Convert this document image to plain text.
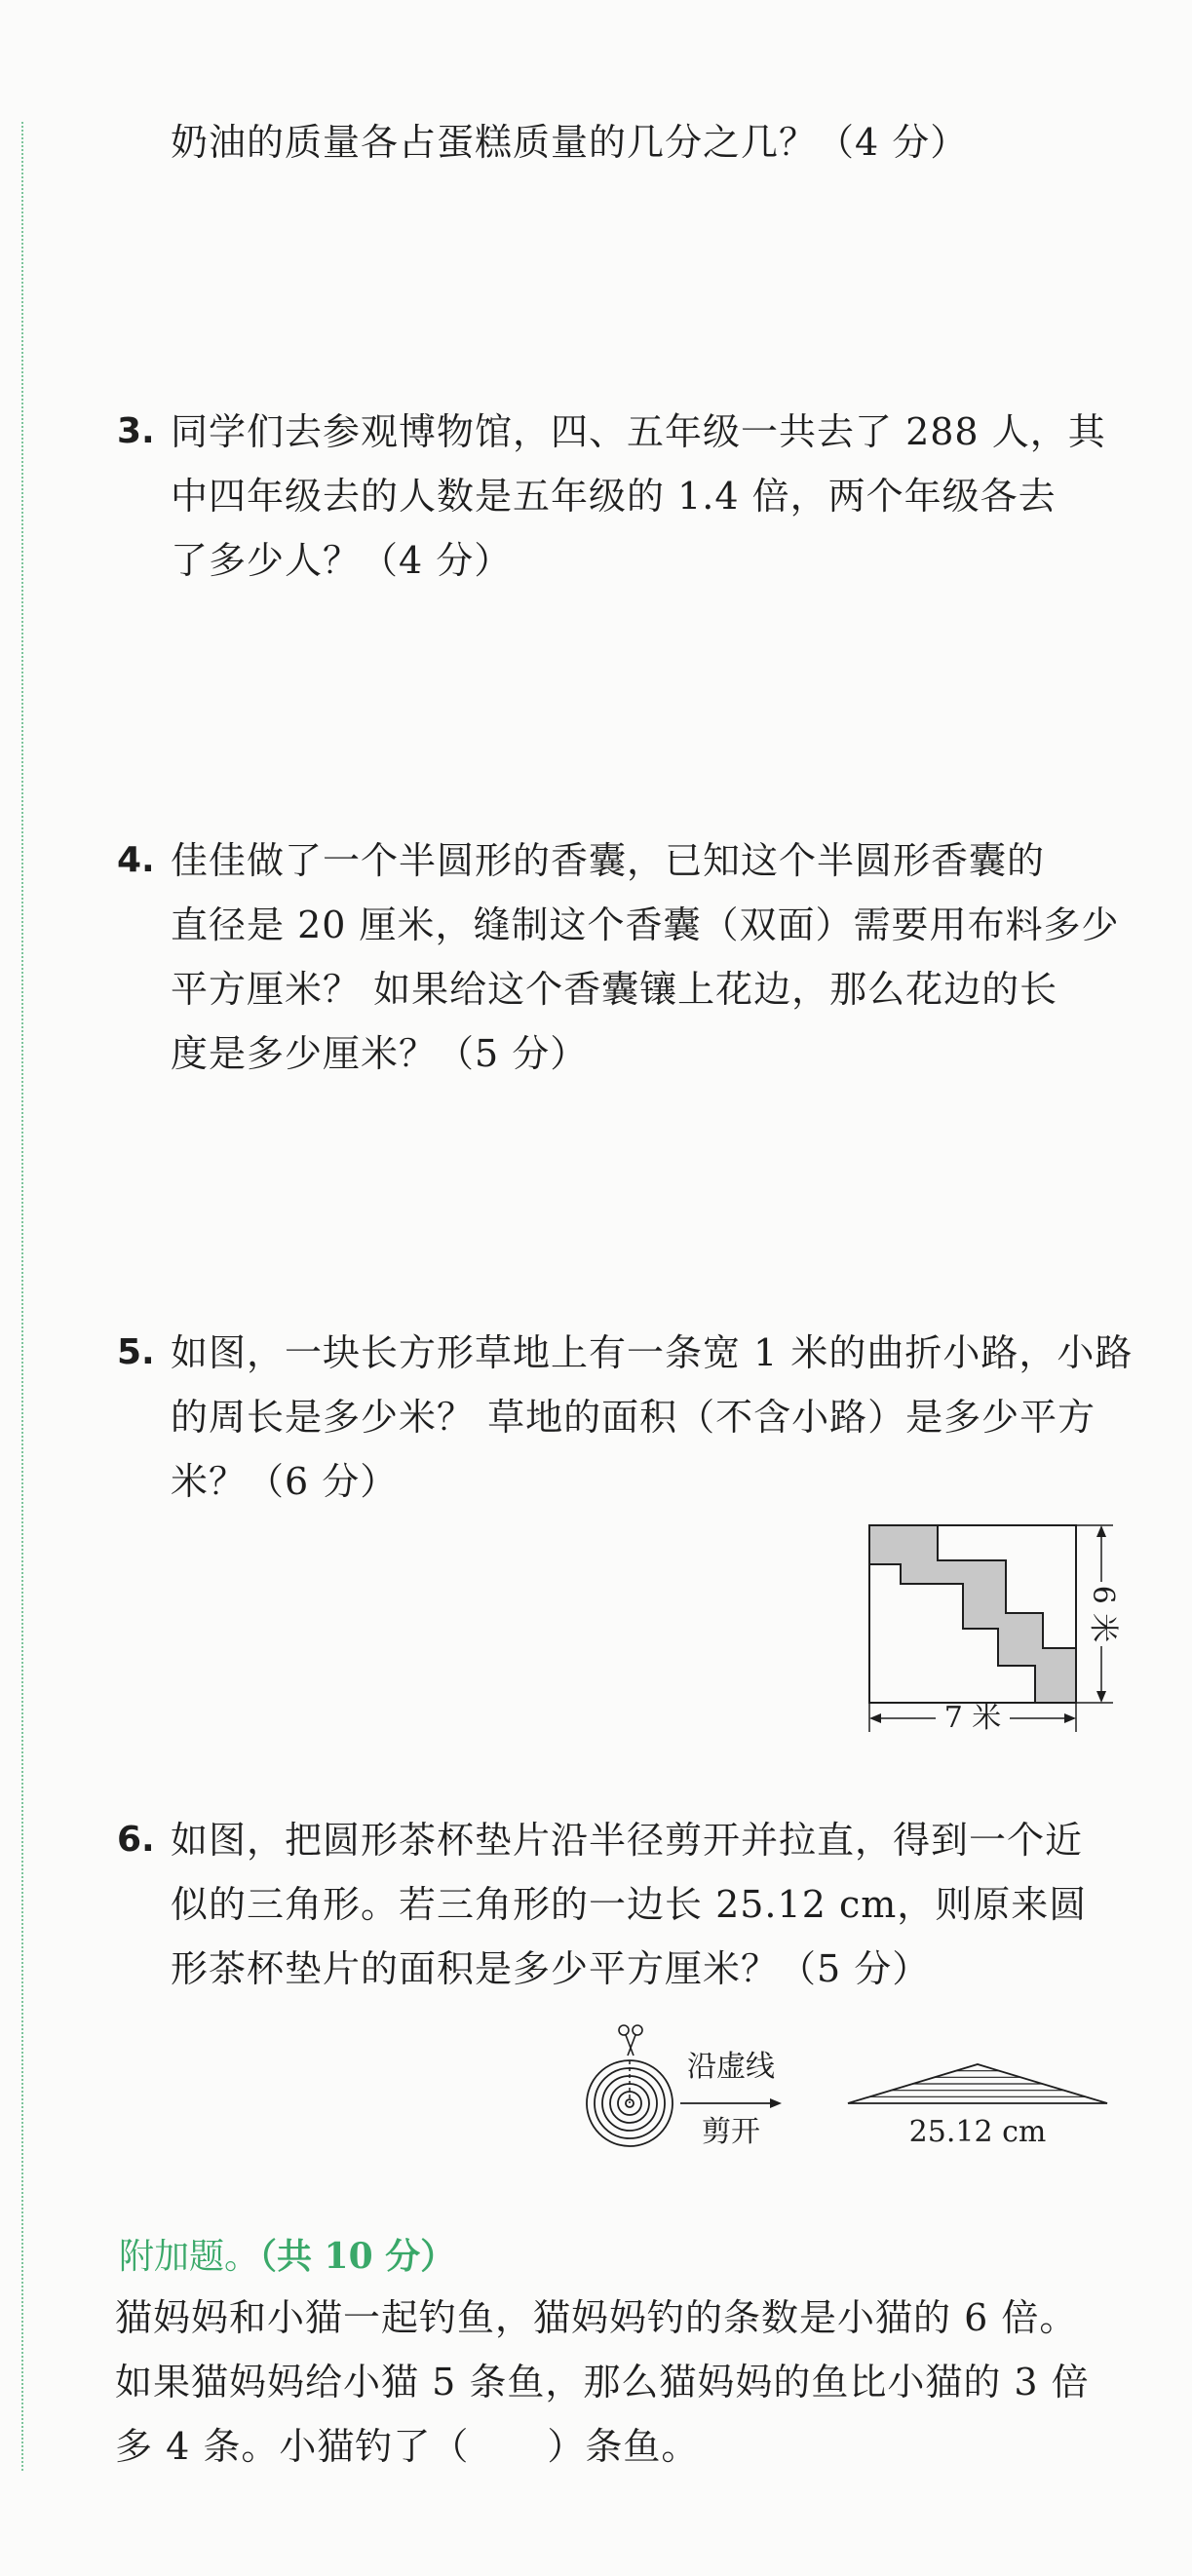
奶油的质量各占蛋糕质量的几分之几？（4 分）
3. 同学们去参观博物馆，四、五年级一共去了 288 人，其
中四年级去的人数是五年级的 1.4 倍，两个年级各去
了多少人？（4 分）
4. 佳佳做了一个半圆形的香囊，已知这个半圆形香囊的
直径是 20 厘米，缝制这个香囊（双面）需要用布料多少
平方厘米？ 如果给这个香囊镶上花边，那么花边的长
度是多少厘米？（5 分）
5. 如图，一块长方形草地上有一条宽 1 米的曲折小路，小路
的周长是多少米？ 草地的面积（不含小路）是多少平方
米？（6 分）
6 米
7 米
6. 如图，把圆形茶杯垫片沿半径剪开并拉直，得到一个近
似的三角形。若三角形的一边长 25.12 cm，则原来圆
形茶杯垫片的面积是多少平方厘米？（5 分）
沿虚线
剪开	25.12 cm
附加题。（共 10 分）
猫妈妈和小猫一起钓鱼，猫妈妈钓的条数是小猫的 6 倍。
如果猫妈妈给小猫 5 条鱼，那么猫妈妈的鱼比小猫的 3 倍
多 4 条。小猫钓了（ ）条鱼。
